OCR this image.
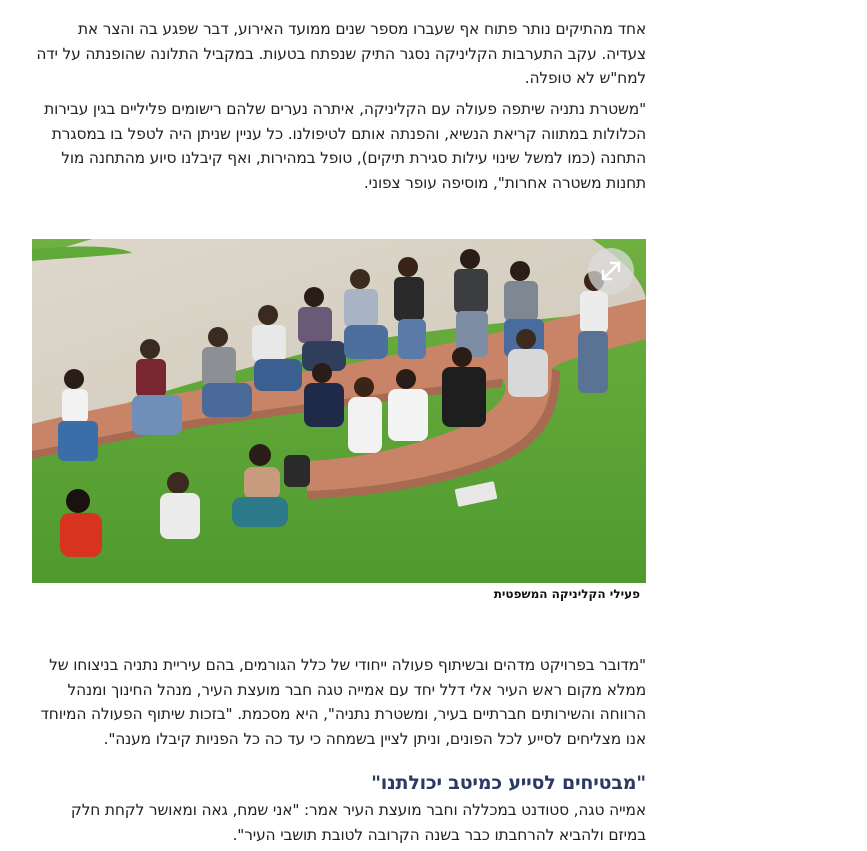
אחד מהתיקים נותר פתוח אף שעברו מספר שנים ממועד האירוע, דבר שפגע בה והצר את צעדיה. עקב התערבות הקליניקה נסגר התיק שנפתח בטעות. במקביל התלונה שהופנתה על ידה למח"ש לא טופלה.

"משטרת נתניה שיתפה פעולה עם הקליניקה, איתרה נערים שלהם רישומים פליליים בגין עבירות הכלולות במתווה קריאת הנשיא, והפנתה אותם לטיפולנו. כל עניין שניתן היה לטפל בו במסגרת התחנה (כמו למשל שינוי עילות סגירת תיקים), טופל במהירות, ואף קיבלנו סיוע מהתחנה מול תחנות משטרה אחרות", מוסיפה עופר צפוני.

פעילי הקליניקה המשפטית

"מדובר בפרויקט מדהים ובשיתוף פעולה ייחודי של כלל הגורמים, בהם עיריית נתניה בניצוחו של ממלא מקום ראש העיר אלי דלל יחד עם אמייה טגה חבר מועצת העיר, מנהל החינוך ומנהל הרווחה והשירותים חברתיים בעיר, ומשטרת נתניה", היא מסכמת. "בזכות שיתוף הפעולה המיוחד אנו מצליחים לסייע לכל הפונים, וניתן לציין בשמחה כי עד כה כל הפניות קיבלו מענה".

"מבטיחים לסייע כמיטב יכולתנו"

אמייה טגה, סטודנט במכללה וחבר מועצת העיר אמר: "אני שמח, גאה ומאושר לקחת חלק במיזם ולהביא להרחבתו כבר בשנה הקרובה לטובת תושבי העיר".
